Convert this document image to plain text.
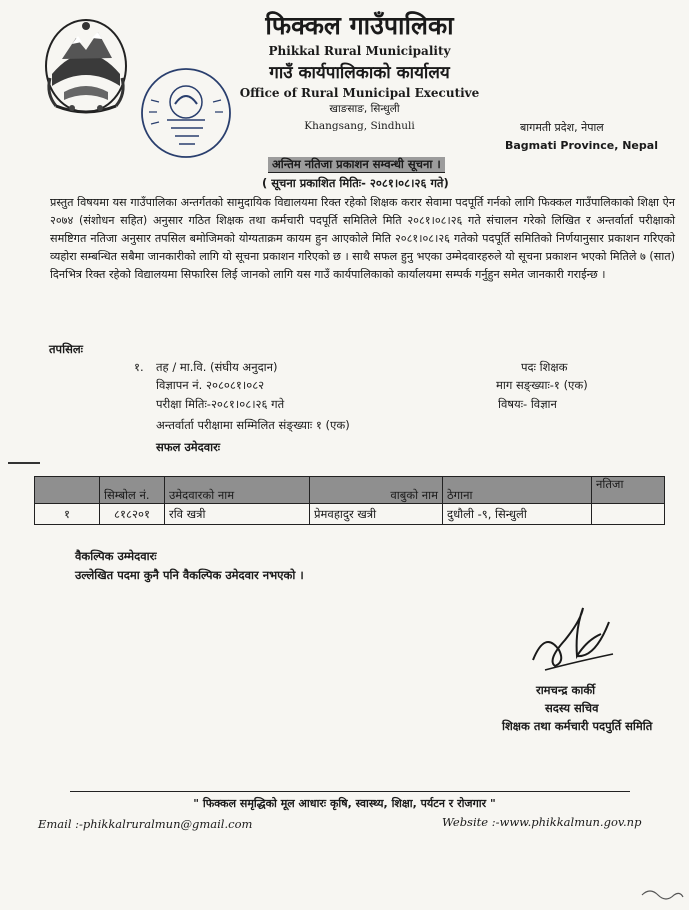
फिक्कल गाउँपालिका
Phikkal Rural Municipality
गाउँ कार्यपालिकाको कार्यालय
Office of Rural Municipal Executive
खाङसाङ, सिन्धुली
Khangsang, Sindhuli	बागमती प्रदेश, नेपाल
Bagmati Province, Nepal
अन्तिम नतिजा प्रकाशन सम्वन्धी सूचना ।
( सूचना प्रकाशित मितिः- २०८१।०८।२६ गते)
प्रस्तुत विषयमा यस गाउँपालिका अन्तर्गतको सामुदायिक विद्यालयमा रिक्त रहेको शिक्षक करार सेवामा पदपूर्ति गर्नको लागि फिक्कल गाउँपालिकाको शिक्षा ऐन २०७४ (संशोधन सहित) अनुसार गठित शिक्षक तथा कर्मचारी पदपूर्ति समितिले मिति २०८१।०८।२६ गते संचालन गरेको लिखित र अन्तर्वार्ता परीक्षाको समष्टिगत नतिजा अनुसार तपसिल बमोजिमको योग्यताक्रम कायम हुन आएकोले मिति २०८१।०८।२६ गतेको पदपूर्ति समितिको निर्णयानुसार प्रकाशन गरिएको व्यहोरा सम्बन्धित सबैमा जानकारीको लागि यो सूचना प्रकाशन गरिएको छ । साथै सफल हुनु भएका उम्मेदवारहरुले यो सूचना प्रकाशन भएको मितिले ७ (सात) दिनभित्र रिक्त रहेको विद्यालयमा सिफारिस लिई जानको लागि यस गाउँ कार्यपालिकाको कार्यालयमा सम्पर्क गर्नुहुन समेत जानकारी गराईन्छ ।
तपसिलः
१. तह / मा.वि. (संघीय अनुदान)	पदः शिक्षक
विज्ञापन नं. २०८०८१।०८२	माग सङ्ख्याः-१ (एक)
परीक्षा मितिः-२०८१।०८।२६ गते	विषयः- विज्ञान
अन्तर्वार्ता परीक्षामा सम्मिलित संङ्ख्याः १ (एक)
सफल उमेदवारः
	सिम्बोल नं.	उमेदवारको नाम	वाबुको नाम	ठेगाना	नतिजा
१	८१८२०१	रवि खत्री	प्रेमवहादुर खत्री	दुधौली -९, सिन्धुली	
वैकल्पिक उम्मेदवारः
उल्लेखित पदमा कुनै पनि वैकल्पिक उमेदवार नभएको ।
रामचन्द्र कार्की
सदस्य सचिव
शिक्षक तथा कर्मचारी पदपुर्ति समिति
" फिक्कल समृद्धिको मूल आधारः कृषि, स्वास्थ्य, शिक्षा, पर्यटन र रोजगार "
Email :-phikkalruralmun@gmail.com	Website :-www.phikkalmun.gov.np
